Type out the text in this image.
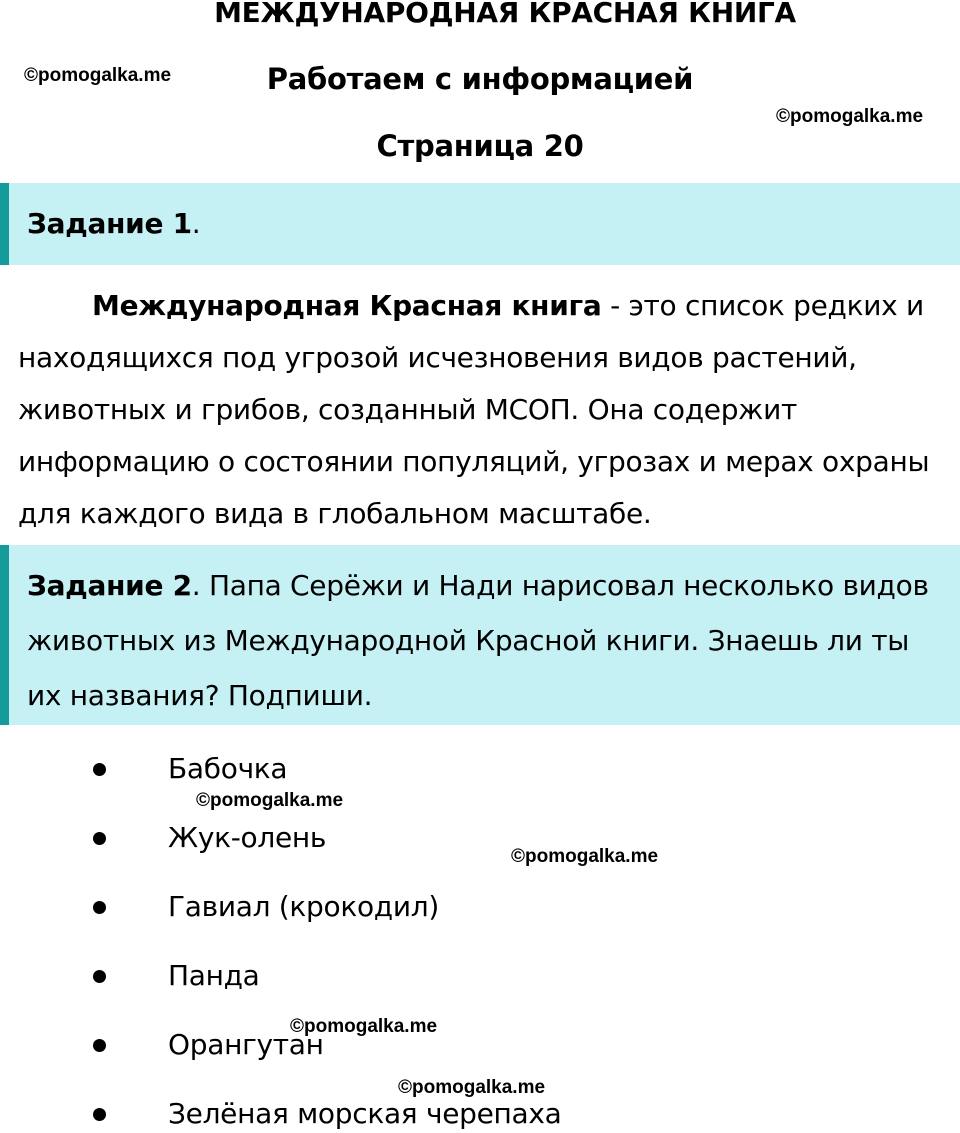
МЕЖДУНАРОДНАЯ КРАСНАЯ КНИГА
Работаем с информацией
Страница 20
©pomogalka.me
©pomogalka.me
Задание 1.
Международная Красная книга - это список редких и находящихся под угрозой исчезновения видов растений, животных и грибов, созданный МСОП. Она содержит информацию о состоянии популяций, угрозах и мерах охраны для каждого вида в глобальном масштабе.
Задание 2. Папа Серёжи и Нади нарисовал несколько видов животных из Международной Красной книги. Знаешь ли ты их названия? Подпиши.
Бабочка
Жук-олень
Гавиал (крокодил)
Панда
Орангутан
Зелёная морская черепаха
©pomogalka.me
©pomogalka.me
©pomogalka.me
©pomogalka.me
